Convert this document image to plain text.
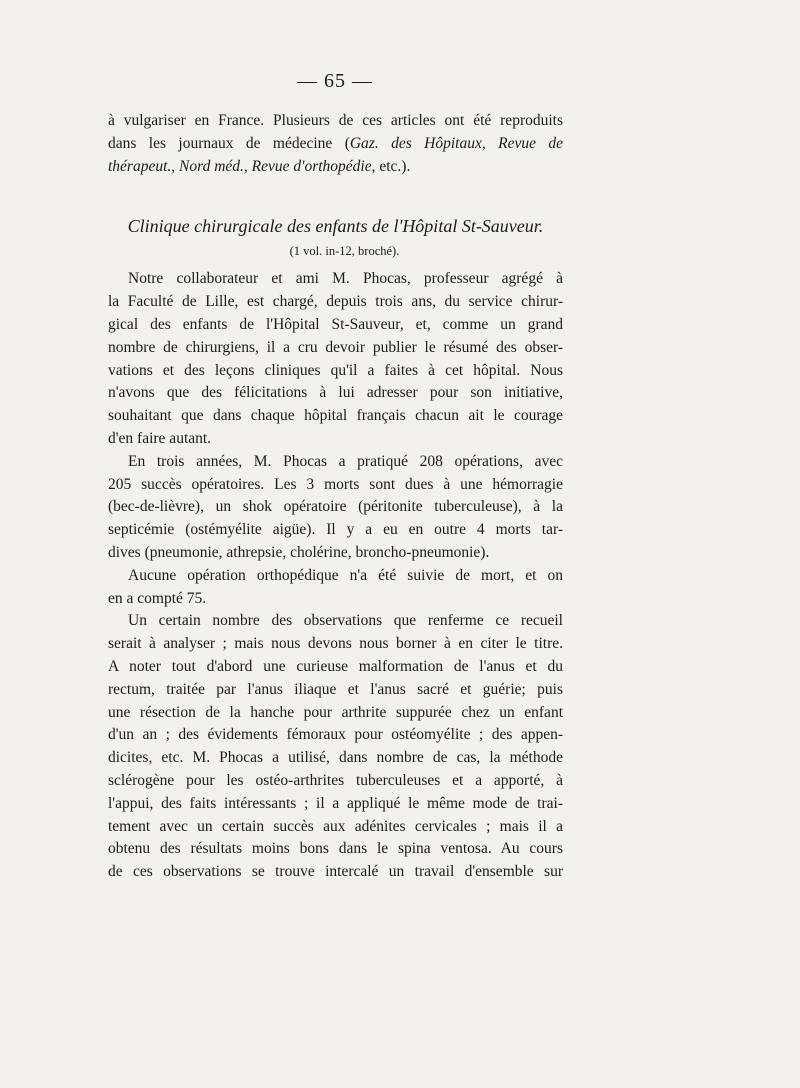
— 65 —
à vulgariser en France. Plusieurs de ces articles ont été reproduits
dans les journaux de médecine (Gaz. des Hôpitaux, Revue de
thérapeut., Nord méd., Revue d'orthopédie, etc.).
Clinique chirurgicale des enfants de l'Hôpital St-Sauveur.
(1 vol. in-12, broché).
Notre collaborateur et ami M. Phocas, professeur agrégé à
la Faculté de Lille, est chargé, depuis trois ans, du service chirur-
gical des enfants de l'Hôpital St-Sauveur, et, comme un grand
nombre de chirurgiens, il a cru devoir publier le résumé des obser-
vations et des leçons cliniques qu'il a faites à cet hôpital. Nous
n'avons que des félicitations à lui adresser pour son initiative,
souhaitant que dans chaque hôpital français chacun ait le courage
d'en faire autant.
En trois années, M. Phocas a pratiqué 208 opérations, avec
205 succès opératoires. Les 3 morts sont dues à une hémorragie
(bec-de-lièvre), un shok opératoire (péritonite tuberculeuse), à la
septicémie (ostémyélite aigüe). Il y a eu en outre 4 morts tar-
dives (pneumonie, athrepsie, cholérine, broncho-pneumonie).
Aucune opération orthopédique n'a été suivie de mort, et on
en a compté 75.
Un certain nombre des observations que renferme ce recueil
serait à analyser ; mais nous devons nous borner à en citer le titre.
A noter tout d'abord une curieuse malformation de l'anus et du
rectum, traitée par l'anus iliaque et l'anus sacré et guérie; puis
une résection de la hanche pour arthrite suppurée chez un enfant
d'un an ; des évidements fémoraux pour ostéomyélite ; des appen-
dicites, etc. M. Phocas a utilisé, dans nombre de cas, la méthode
sclérogène pour les ostéo-arthrites tuberculeuses et a apporté, à
l'appui, des faits intéressants ; il a appliqué le même mode de trai-
tement avec un certain succès aux adénites cervicales ; mais il a
obtenu des résultats moins bons dans le spina ventosa. Au cours
de ces observations se trouve intercalé un travail d'ensemble sur
